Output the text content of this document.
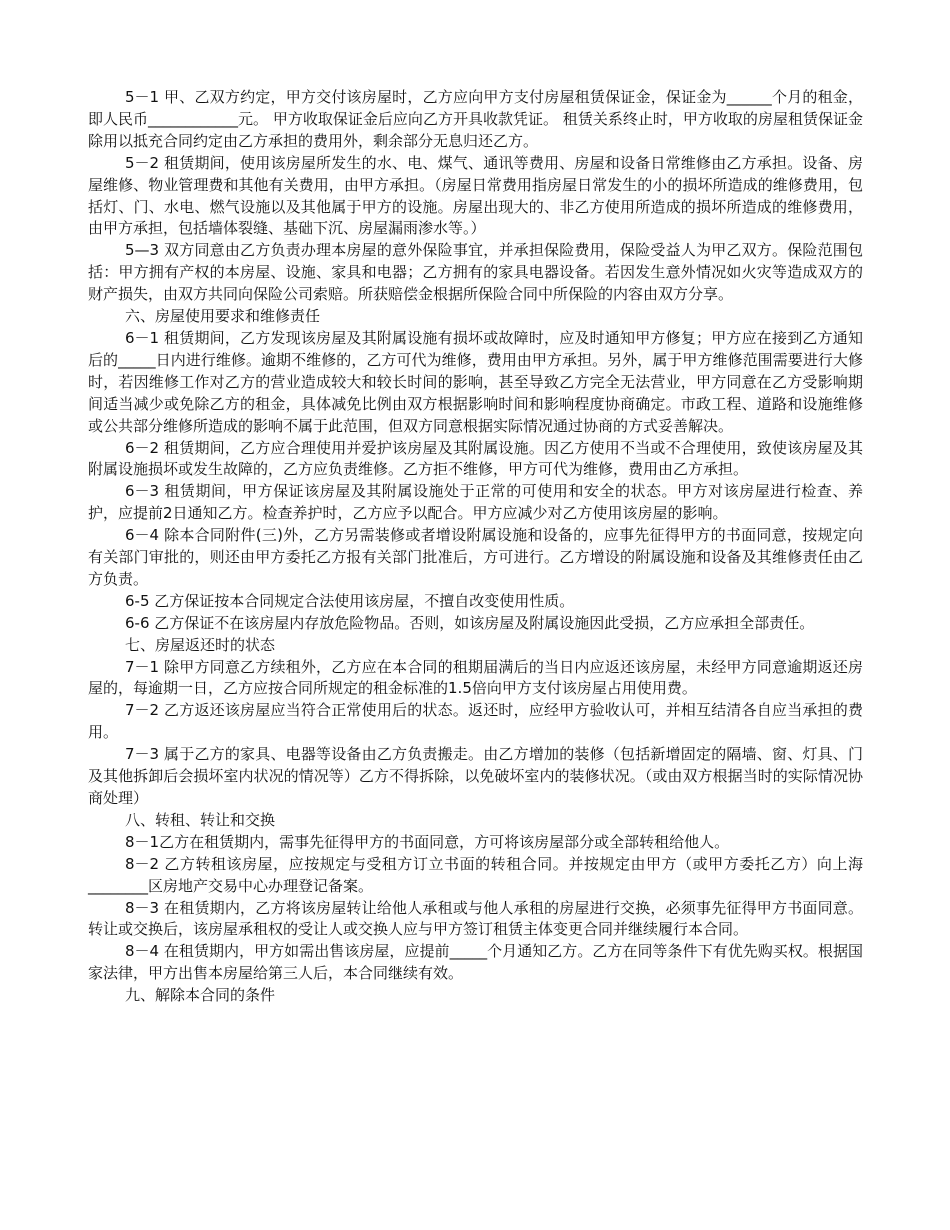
5－1 甲、乙双方约定，甲方交付该房屋时，乙方应向甲方支付房屋租赁保证金，保证金为______个月的租金，即人民币____________元。 甲方收取保证金后应向乙方开具收款凭证。 租赁关系终止时，甲方收取的房屋租赁保证金除用以抵充合同约定由乙方承担的费用外，剩余部分无息归还乙方。

5－2 租赁期间，使用该房屋所发生的水、电、煤气、通讯等费用、房屋和设备日常维修由乙方承担。设备、房屋维修、物业管理费和其他有关费用，由甲方承担。（房屋日常费用指房屋日常发生的小的损坏所造成的维修费用，包括灯、门、水电、燃气设施以及其他属于甲方的设施。房屋出现大的、非乙方使用所造成的损坏所造成的维修费用，由甲方承担，包括墙体裂缝、基础下沉、房屋漏雨渗水等。）

5—3 双方同意由乙方负责办理本房屋的意外保险事宜，并承担保险费用，保险受益人为甲乙双方。保险范围包括：甲方拥有产权的本房屋、设施、家具和电器；乙方拥有的家具电器设备。若因发生意外情况如火灾等造成双方的财产损失，由双方共同向保险公司索赔。所获赔偿金根据所保险合同中所保险的内容由双方分享。

六、房屋使用要求和维修责任

6－1 租赁期间，乙方发现该房屋及其附属设施有损坏或故障时，应及时通知甲方修复；甲方应在接到乙方通知后的_____日内进行维修。逾期不维修的，乙方可代为维修，费用由甲方承担。另外，属于甲方维修范围需要进行大修时，若因维修工作对乙方的营业造成较大和较长时间的影响，甚至导致乙方完全无法营业，甲方同意在乙方受影响期间适当减少或免除乙方的租金，具体减免比例由双方根据影响时间和影响程度协商确定。市政工程、道路和设施维修或公共部分维修所造成的影响不属于此范围，但双方同意根据实际情况通过协商的方式妥善解决。

6－2 租赁期间，乙方应合理使用并爱护该房屋及其附属设施。因乙方使用不当或不合理使用，致使该房屋及其附属设施损坏或发生故障的，乙方应负责维修。乙方拒不维修，甲方可代为维修，费用由乙方承担。

6－3 租赁期间，甲方保证该房屋及其附属设施处于正常的可使用和安全的状态。甲方对该房屋进行检查、养护，应提前2日通知乙方。检查养护时，乙方应予以配合。甲方应减少对乙方使用该房屋的影响。

6－4 除本合同附件(三)外，乙方另需装修或者增设附属设施和设备的，应事先征得甲方的书面同意，按规定向有关部门审批的，则还由甲方委托乙方报有关部门批准后，方可进行。乙方增设的附属设施和设备及其维修责任由乙方负责。

6-5 乙方保证按本合同规定合法使用该房屋，不擅自改变使用性质。

6-6 乙方保证不在该房屋内存放危险物品。否则，如该房屋及附属设施因此受损，乙方应承担全部责任。

七、房屋返还时的状态

7－1 除甲方同意乙方续租外，乙方应在本合同的租期届满后的当日内应返还该房屋，未经甲方同意逾期返还房屋的，每逾期一日，乙方应按合同所规定的租金标准的1.5倍向甲方支付该房屋占用使用费。

7－2 乙方返还该房屋应当符合正常使用后的状态。返还时，应经甲方验收认可，并相互结清各自应当承担的费用。

7－3 属于乙方的家具、电器等设备由乙方负责搬走。由乙方增加的装修（包括新增固定的隔墙、窗、灯具、门及其他拆卸后会损坏室内状况的情况等）乙方不得拆除，以免破坏室内的装修状况。（或由双方根据当时的实际情况协商处理）

八、转租、转让和交换

8－1乙方在租赁期内，需事先征得甲方的书面同意，方可将该房屋部分或全部转租给他人。

8－2 乙方转租该房屋，应按规定与受租方订立书面的转租合同。并按规定由甲方（或甲方委托乙方）向上海________区房地产交易中心办理登记备案。

8－3 在租赁期内，乙方将该房屋转让给他人承租或与他人承租的房屋进行交换，必须事先征得甲方书面同意。转让或交换后，该房屋承租权的受让人或交换人应与甲方签订租赁主体变更合同并继续履行本合同。

8－4 在租赁期内，甲方如需出售该房屋，应提前_____个月通知乙方。乙方在同等条件下有优先购买权。根据国家法律，甲方出售本房屋给第三人后，本合同继续有效。

九、解除本合同的条件
